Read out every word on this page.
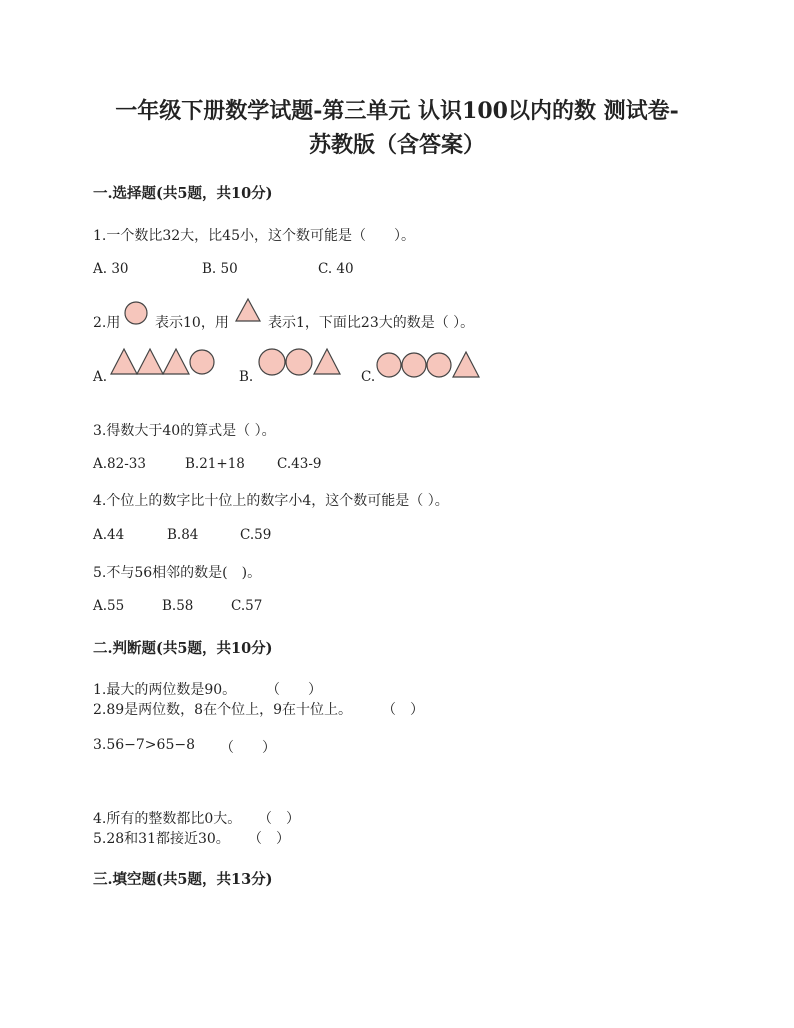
一年级下册数学试题-第三单元 认识100以内的数 测试卷-
苏教版（含答案）
一.选择题(共5题，共10分)
1.一个数比32大，比45小，这个数可能是（　　）。
A. 30	B. 50	C. 40
2.用 表示10，用	表示1，下面比23大的数是（ ）。
A.	B.	C.
3.得数大于40的算式是（ ）。
A.82-33	B.21+18 C.43-9
4.个位上的数字比十位上的数字小4，这个数可能是（ ）。
A.44	B.84	C.59
5.不与56相邻的数是(　)。
A.55	B.58	C.57
二.判断题(共5题，共10分)
1.最大的两位数是90。 （　　）
2.89是两位数，8在个位上，9在十位上。 （　）
3.56−7>65−8 （　　）
4.所有的整数都比0大。 （　）
5.28和31都接近30。 （　）
三.填空题(共5题，共13分)
